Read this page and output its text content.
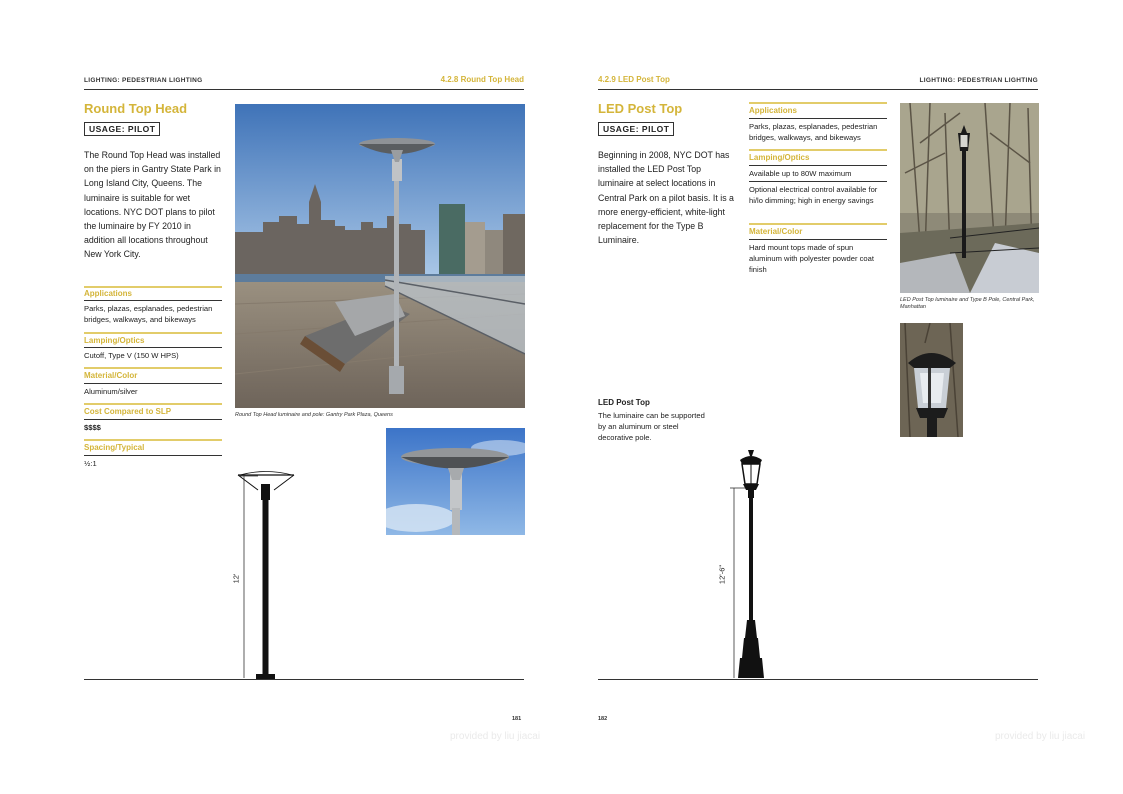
LIGHTING: PEDESTRIAN LIGHTING	4.2.8 Round Top Head
Round Top Head
USAGE: PILOT
The Round Top Head was installed on the piers in Gantry State Park in Long Island City, Queens. The luminaire is suitable for wet locations. NYC DOT plans to pilot the luminaire by FY 2010 in addition all locations throughout New York City.
Applications
Parks, plazas, esplanades, pedestrian bridges, walkways, and bikeways
Lamping/Optics
Cutoff, Type V (150 W HPS)
Material/Color
Aluminum/silver
Cost Compared to SLP
$$$$
Spacing/Typical
½:1
Round Top Head luminaire and pole: Gantry Park Plaza, Queens
12'
181
provided by liu jiacai
4.2.9 LED Post Top	LIGHTING: PEDESTRIAN LIGHTING
LED Post Top
USAGE: PILOT
Beginning in 2008, NYC DOT has installed the LED Post Top luminaire at select locations in Central Park on a pilot basis. It is a more energy-efficient, white-light replacement for the Type B Luminaire.
Applications
Parks, plazas, esplanades, pedestrian bridges, walkways, and bikeways
Lamping/Optics
Available up to 80W maximum
Optional electrical control available for hi/lo dimming; high in energy savings
Material/Color
Hard mount tops made of spun aluminum with polyester powder coat finish
LED Post Top luminaire and Type B Pole, Central Park, Manhattan
LED Post Top
The luminaire can be supported by an aluminum or steel decorative pole.
12'-6"
182
provided by liu jiacai
